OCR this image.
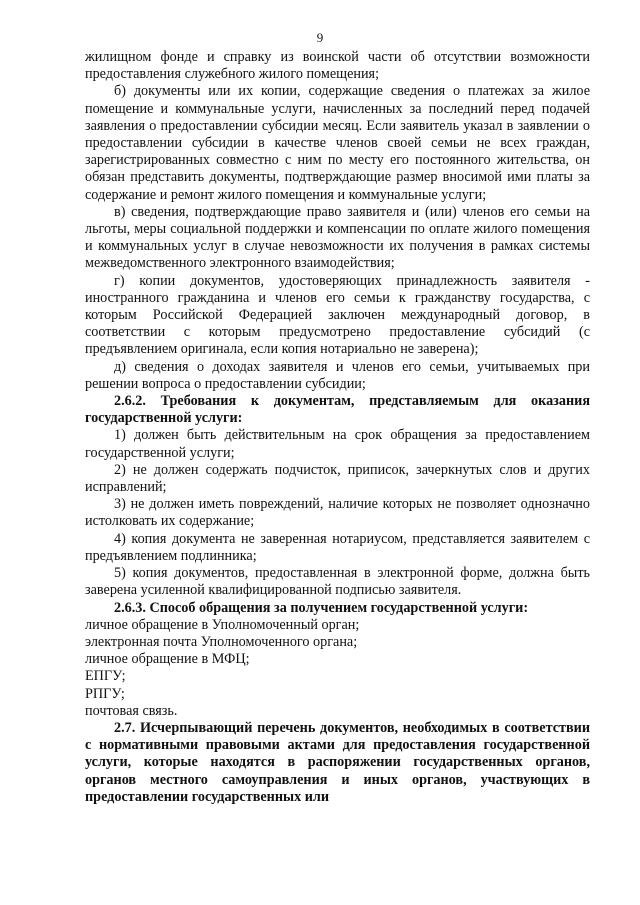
9

жилищном фонде и справку из воинской части об отсутствии возможности предоставления служебного жилого помещения;

б) документы или их копии, содержащие сведения о платежах за жилое помещение и коммунальные услуги, начисленных за последний перед подачей заявления о предоставлении субсидии месяц. Если заявитель указал в заявлении о предоставлении субсидии в качестве членов своей семьи не всех граждан, зарегистрированных совместно с ним по месту его постоянного жительства, он обязан представить документы, подтверждающие размер вносимой ими платы за содержание и ремонт жилого помещения и коммунальные услуги;

в) сведения, подтверждающие право заявителя и (или) членов его семьи на льготы, меры социальной поддержки и компенсации по оплате жилого помещения и коммунальных услуг в случае невозможности их получения в рамках системы межведомственного электронного взаимодействия;

г) копии документов, удостоверяющих принадлежность заявителя - иностранного гражданина и членов его семьи к гражданству государства, с которым Российской Федерацией заключен международный договор, в соответствии с которым предусмотрено предоставление субсидий (с предъявлением оригинала, если копия нотариально не заверена);

д) сведения о доходах заявителя и членов его семьи, учитываемых при решении вопроса о предоставлении субсидии;

2.6.2. Требования к документам, представляемым для оказания государственной услуги:

1) должен быть действительным на срок обращения за предоставлением государственной услуги;

2) не должен содержать подчисток, приписок, зачеркнутых слов и других исправлений;

3) не должен иметь повреждений, наличие которых не позволяет однозначно истолковать их содержание;

4) копия документа не заверенная нотариусом, представляется заявителем с предъявлением подлинника;

5) копия документов, предоставленная в электронной форме, должна быть заверена усиленной квалифицированной подписью заявителя.

2.6.3. Способ обращения за получением государственной услуги:

личное обращение в Уполномоченный орган;

электронная почта Уполномоченного органа;

личное обращение в МФЦ;

ЕПГУ;

РПГУ;

почтовая связь.

2.7. Исчерпывающий перечень документов, необходимых в соответствии с нормативными правовыми актами для предоставления государственной услуги, которые находятся в распоряжении государственных органов, органов местного самоуправления и иных органов, участвующих в предоставлении государственных или
